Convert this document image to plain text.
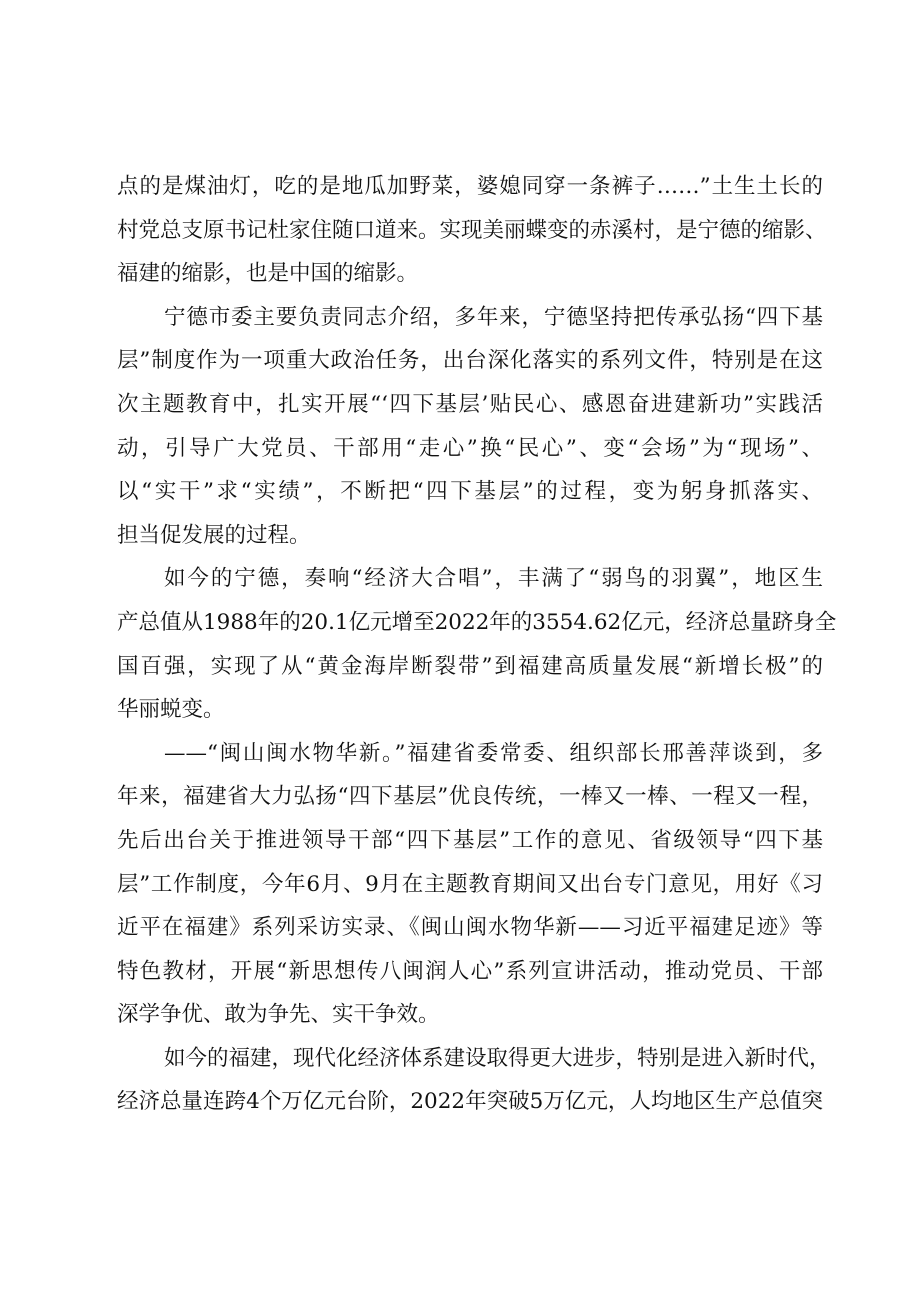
点的是煤油灯，吃的是地瓜加野菜，婆媳同穿一条裤子……”土生土长的
村党总支原书记杜家住随口道来。实现美丽蝶变的赤溪村，是宁德的缩影、
福建的缩影，也是中国的缩影。
宁德市委主要负责同志介绍，多年来，宁德坚持把传承弘扬“四下基
层”制度作为一项重大政治任务，出台深化落实的系列文件，特别是在这
次主题教育中，扎实开展“‘四下基层’贴民心、感恩奋进建新功”实践活
动，引导广大党员、干部用“走心”换“民心”、变“会场”为“现场”、
以“实干”求“实绩”，不断把“四下基层”的过程，变为躬身抓落实、
担当促发展的过程。
如今的宁德，奏响“经济大合唱”，丰满了“弱鸟的羽翼”，地区生
产总值从1988年的20.1亿元增至2022年的3554.62亿元，经济总量跻身全
国百强，实现了从“黄金海岸断裂带”到福建高质量发展“新增长极”的
华丽蜕变。
——“闽山闽水物华新。”福建省委常委、组织部长邢善萍谈到，多
年来，福建省大力弘扬“四下基层”优良传统，一棒又一棒、一程又一程，
先后出台关于推进领导干部“四下基层”工作的意见、省级领导“四下基
层”工作制度，今年6月、9月在主题教育期间又出台专门意见，用好《习
近平在福建》系列采访实录、《闽山闽水物华新——习近平福建足迹》等
特色教材，开展“新思想传八闽润人心”系列宣讲活动，推动党员、干部
深学争优、敢为争先、实干争效。
如今的福建，现代化经济体系建设取得更大进步，特别是进入新时代，
经济总量连跨4个万亿元台阶，2022年突破5万亿元，人均地区生产总值突
